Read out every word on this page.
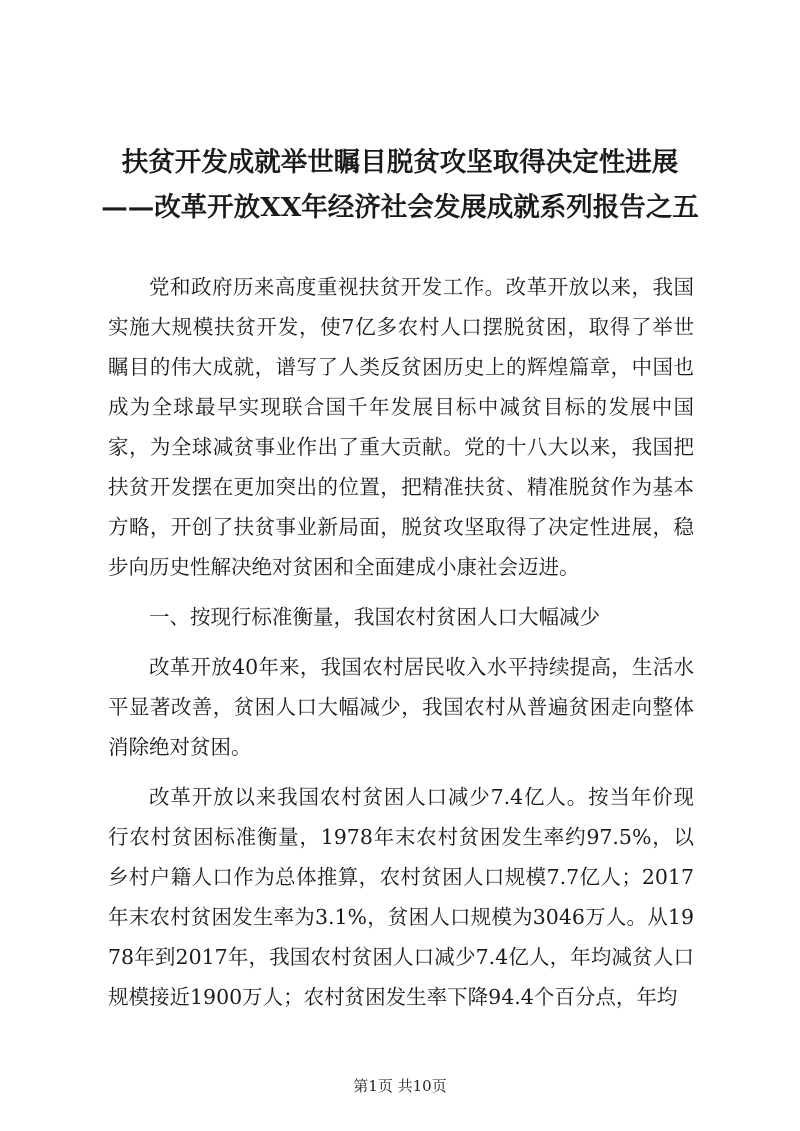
扶贫开发成就举世瞩目脱贫攻坚取得决定性进展——改革开放XX年经济社会发展成就系列报告之五

党和政府历来高度重视扶贫开发工作。改革开放以来，我国实施大规模扶贫开发，使7亿多农村人口摆脱贫困，取得了举世瞩目的伟大成就，谱写了人类反贫困历史上的辉煌篇章，中国也成为全球最早实现联合国千年发展目标中减贫目标的发展中国家，为全球减贫事业作出了重大贡献。党的十八大以来，我国把扶贫开发摆在更加突出的位置，把精准扶贫、精准脱贫作为基本方略，开创了扶贫事业新局面，脱贫攻坚取得了决定性进展，稳步向历史性解决绝对贫困和全面建成小康社会迈进。

一、按现行标准衡量，我国农村贫困人口大幅减少

改革开放40年来，我国农村居民收入水平持续提高，生活水平显著改善，贫困人口大幅减少，我国农村从普遍贫困走向整体消除绝对贫困。

改革开放以来我国农村贫困人口减少7.4亿人。按当年价现行农村贫困标准衡量，1978年末农村贫困发生率约97.5%，以乡村户籍人口作为总体推算，农村贫困人口规模7.7亿人；2017年末农村贫困发生率为3.1%，贫困人口规模为3046万人。从1978年到2017年，我国农村贫困人口减少7.4亿人，年均减贫人口规模接近1900万人；农村贫困发生率下降94.4个百分点，年均

第1页 共10页
